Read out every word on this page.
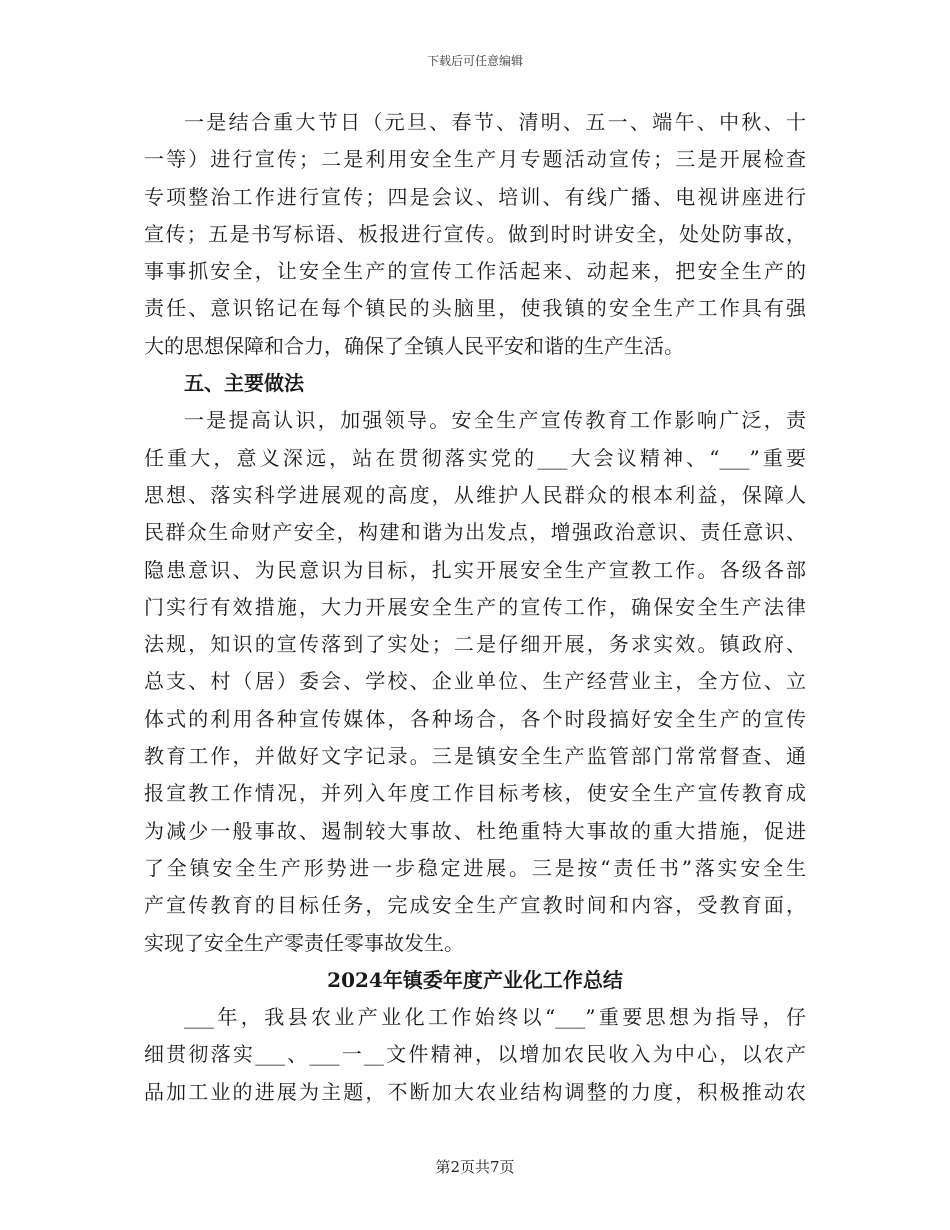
下载后可任意编辑
一是结合重大节日（元旦、春节、清明、五一、端午、中秋、十
一等）进行宣传；二是利用安全生产月专题活动宣传；三是开展检查
专项整治工作进行宣传；四是会议、培训、有线广播、电视讲座进行
宣传；五是书写标语、板报进行宣传。做到时时讲安全，处处防事故，
事事抓安全，让安全生产的宣传工作活起来、动起来，把安全生产的
责任、意识铭记在每个镇民的头脑里，使我镇的安全生产工作具有强
大的思想保障和合力，确保了全镇人民平安和谐的生产生活。
五、主要做法
一是提高认识，加强领导。安全生产宣传教育工作影响广泛，责
任重大，意义深远，站在贯彻落实党的___大会议精神、“___”重要
思想、落实科学进展观的高度，从维护人民群众的根本利益，保障人
民群众生命财产安全，构建和谐为出发点，增强政治意识、责任意识、
隐患意识、为民意识为目标，扎实开展安全生产宣教工作。各级各部
门实行有效措施，大力开展安全生产的宣传工作，确保安全生产法律
法规，知识的宣传落到了实处；二是仔细开展，务求实效。镇政府、
总支、村（居）委会、学校、企业单位、生产经营业主，全方位、立
体式的利用各种宣传媒体，各种场合，各个时段搞好安全生产的宣传
教育工作，并做好文字记录。三是镇安全生产监管部门常常督查、通
报宣教工作情况，并列入年度工作目标考核，使安全生产宣传教育成
为减少一般事故、遏制较大事故、杜绝重特大事故的重大措施，促进
了全镇安全生产形势进一步稳定进展。三是按“责任书”落实安全生
产宣传教育的目标任务，完成安全生产宣教时间和内容，受教育面，
实现了安全生产零责任零事故发生。
2024年镇委年度产业化工作总结
___年，我县农业产业化工作始终以“___”重要思想为指导，仔
细贯彻落实___、___一__文件精神，以增加农民收入为中心，以农产
品加工业的进展为主题，不断加大农业结构调整的力度，积极推动农
第2页共7页
